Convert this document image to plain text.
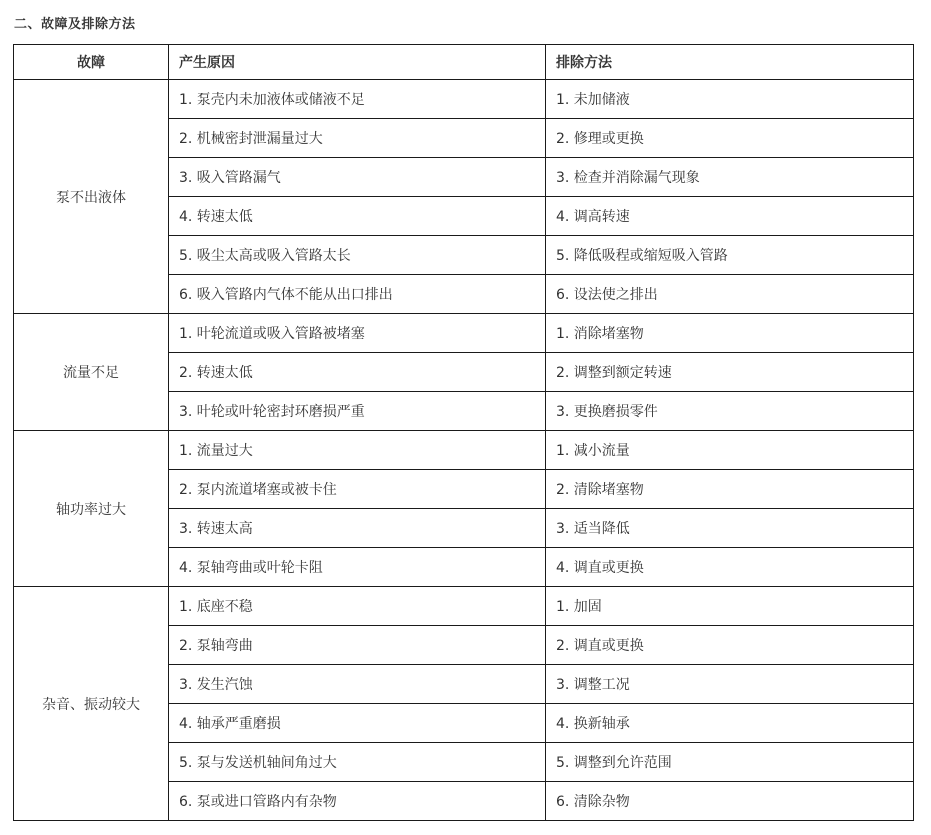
二、故障及排除方法
故障	产生原因	排除方法
泵不出液体	1. 泵壳内未加液体或储液不足	1. 未加储液
	2. 机械密封泄漏量过大	2. 修理或更换
	3. 吸入管路漏气	3. 检查并消除漏气现象
	4. 转速太低	4. 调高转速
	5. 吸尘太高或吸入管路太长	5. 降低吸程或缩短吸入管路
	6. 吸入管路内气体不能从出口排出	6. 设法使之排出
流量不足	1. 叶轮流道或吸入管路被堵塞	1. 消除堵塞物
	2. 转速太低	2. 调整到额定转速
	3. 叶轮或叶轮密封环磨损严重	3. 更换磨损零件
轴功率过大	1. 流量过大	1. 减小流量
	2. 泵内流道堵塞或被卡住	2. 清除堵塞物
	3. 转速太高	3. 适当降低
	4. 泵轴弯曲或叶轮卡阻	4. 调直或更换
杂音、振动较大	1. 底座不稳	1. 加固
	2. 泵轴弯曲	2. 调直或更换
	3. 发生汽蚀	3. 调整工况
	4. 轴承严重磨损	4. 换新轴承
	5. 泵与发送机轴间角过大	5. 调整到允许范围
	6. 泵或进口管路内有杂物	6. 清除杂物
